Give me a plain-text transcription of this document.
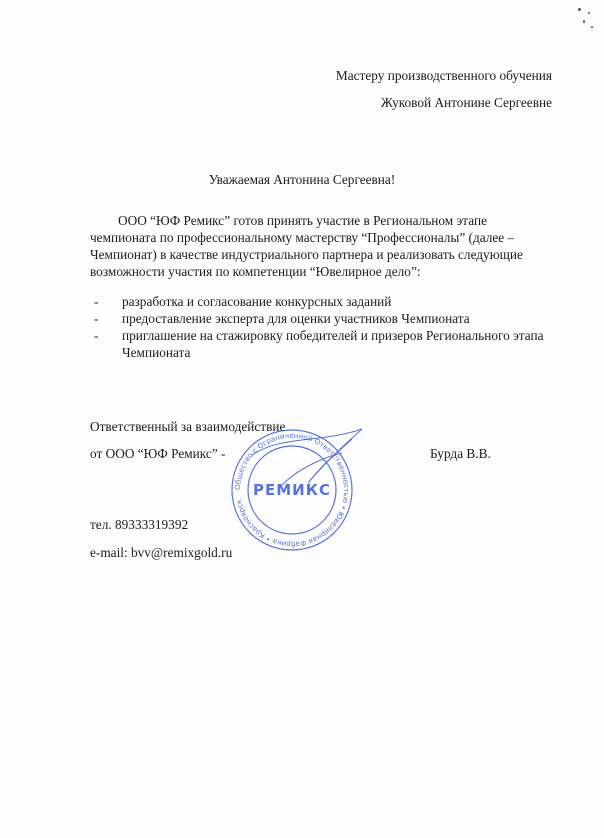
Мастеру производственного обучения
Жуковой Антонине Сергеевне
Уважаемая Антонина Сергеевна!
ООО “ЮФ Ремикс” готов принять участие в Региональном этапе
чемпионата по профессиональному мастерству “Профессионалы” (далее –
Чемпионат) в качестве индустриального партнера и реализовать следующие
возможности участия по компетенции “Ювелирное дело”:
- разработка и согласование конкурсных заданий
- предоставление эксперта для оценки участников Чемпионата
- приглашение на стажировку победителей и призеров Регионального этапа Чемпионата
Ответственный за взаимодействие
от ООО “ЮФ Ремикс” -	Бурда В.В.
Общество с Ограниченной Ответственностью • Ювелирная Фабрика • Красноярск
РЕМИКС
тел. 89333319392
e-mail: bvv@remixgold.ru
